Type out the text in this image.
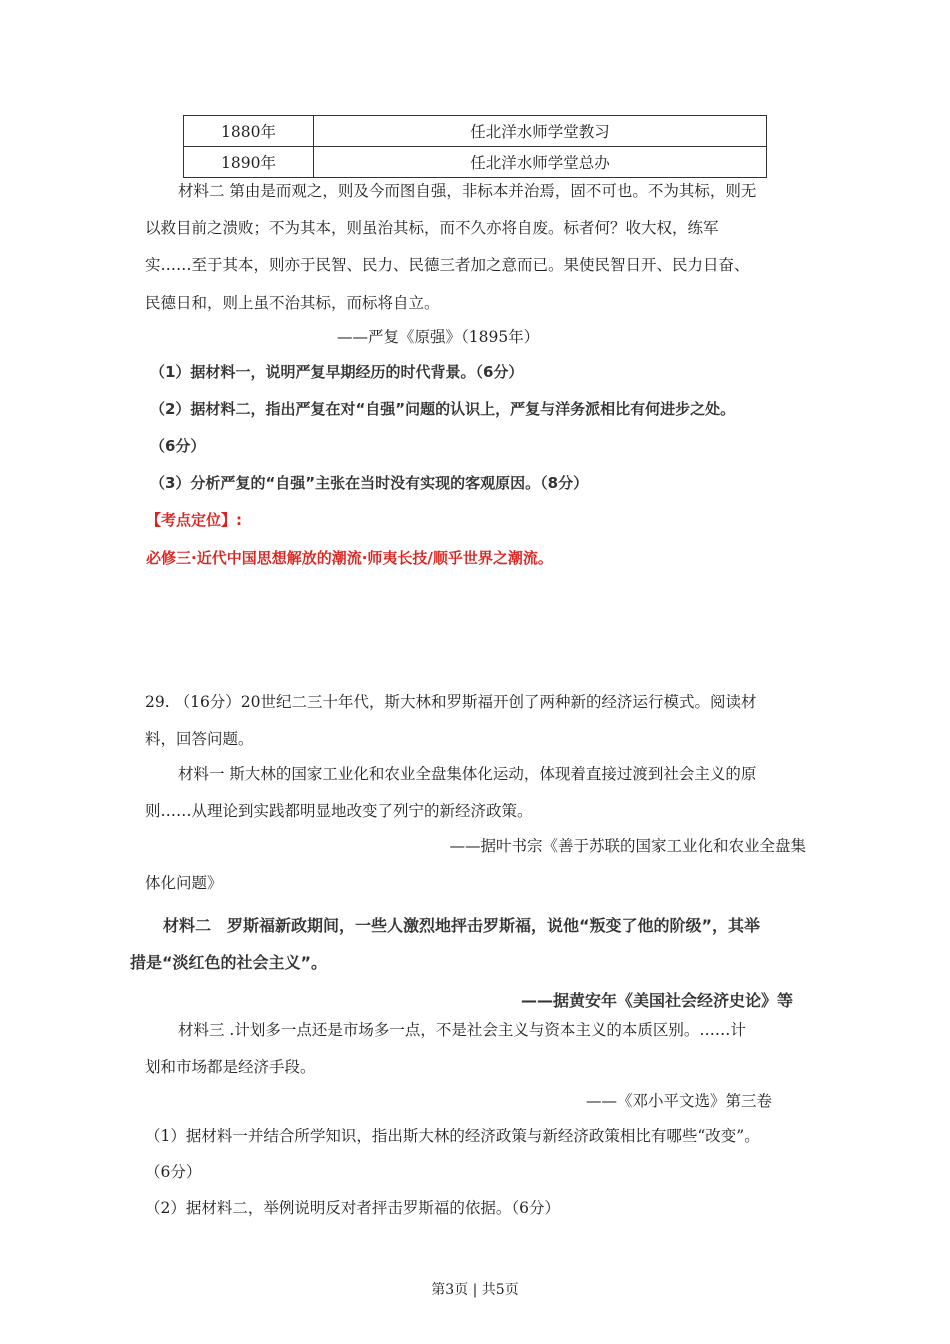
1880年	任北洋水师学堂教习
1890年	任北洋水师学堂总办
材料二 第由是而观之，则及今而图自强，非标本并治焉，固不可也。不为其标，则无
以救目前之溃败；不为其本，则虽治其标，而不久亦将自废。标者何？收大权，练军
实……至于其本，则亦于民智、民力、民德三者加之意而已。果使民智日开、民力日奋、
民德日和，则上虽不治其标，而标将自立。
——严复《原强》（1895年）
（1）据材料一，说明严复早期经历的时代背景。（6分）
（2）据材料二，指出严复在对“自强”问题的认识上，严复与洋务派相比有何进步之处。
（6分）
（3）分析严复的“自强”主张在当时没有实现的客观原因。（8分）
【考点定位】:
必修三·近代中国思想解放的潮流·师夷长技/顺乎世界之潮流。
29. （16分）20世纪二三十年代，斯大林和罗斯福开创了两种新的经济运行模式。阅读材
料，回答问题。
材料一 斯大林的国家工业化和农业全盘集体化运动，体现着直接过渡到社会主义的原
则……从理论到实践都明显地改变了列宁的新经济政策。
——据叶书宗《善于苏联的国家工业化和农业全盘集
体化问题》
材料二　罗斯福新政期间，一些人激烈地抨击罗斯福，说他“叛变了他的阶级”，其举
措是“淡红色的社会主义”。
——据黄安年《美国社会经济史论》等
材料三 .计划多一点还是市场多一点，不是社会主义与资本主义的本质区别。……计
划和市场都是经济手段。
——《邓小平文选》第三卷
（1）据材料一并结合所学知识，指出斯大林的经济政策与新经济政策相比有哪些“改变”。
（6分）
（2）据材料二，举例说明反对者抨击罗斯福的依据。（6分）
第3页 | 共5页
